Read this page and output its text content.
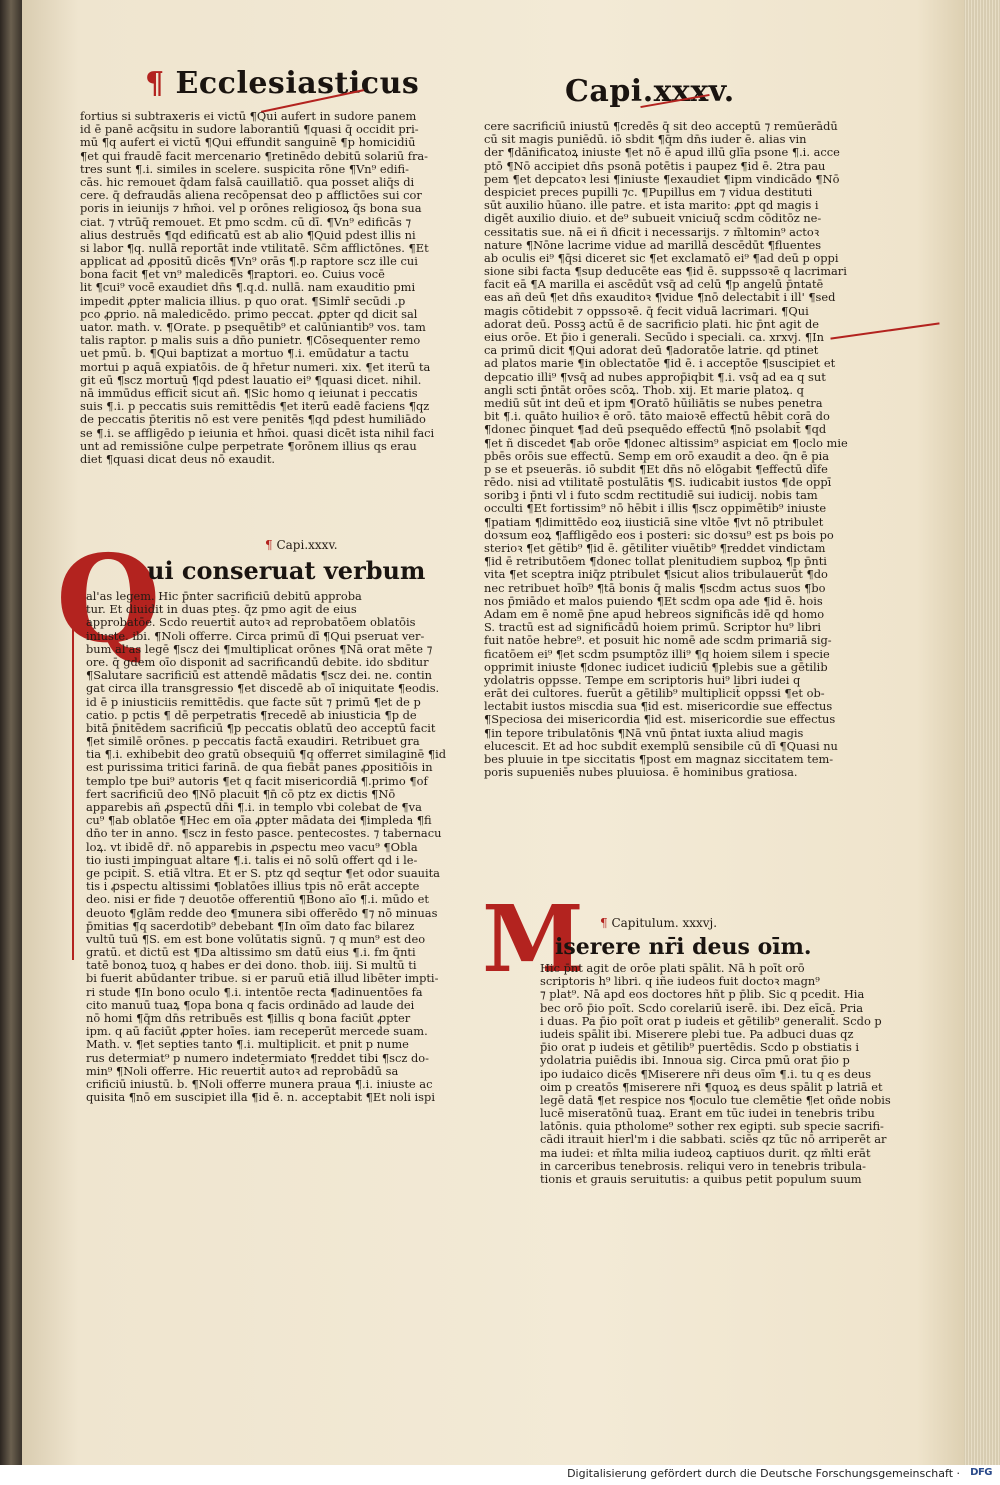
¶ Ecclesiasticus	Capi.xxxv.
fortius si subtraxeris ei victū ¶Qui aufert in sudore panem
id ē panē acq̄situ in sudore laborantiū ¶quasi q̄ occidit pri-
mū ¶q aufert ei victū ¶Qui effundit sanguinē ¶p homicidiū
¶et qui fraudē facit mercenario ¶retinēdo debitū solariū fra-
tres sunt ¶.i. similes in scelere. suspicita rōne ¶Vn⁹ edifi-
cās. hic remouet q̄dam falsā cauillatiō. qua posset aliq̄s di
cere. q̄ defraudās aliena recōpensat deo p afflictōes sui cor
poris in ieiunijs ⁊ hm̄oi. vel p orōnes religiosoꝝ q̄s bona sua
ciat. ⁊ vtrūq̄ remouet. Et pmo scdm. cū dī. ¶Vn⁹ edificās ⁊
alius destruēs ¶qd edificatū est ab alio ¶Quid pdest illis ni
si labor ¶q. nullā reportāt inde vtilitatē. Sc̄m afflictōnes. ¶Et
applicat ad ꝓpositū dicēs ¶Vn⁹ orās ¶.p raptore scz ille cui
bona facit ¶et vn⁹ maledicēs ¶raptori. eo. Cuius vocē
lit ¶cui⁹ vocē exaudiet dn̄s ¶.q.d. nullā. nam exauditio pmi
impedit ꝓpter malicia illius. p quo orat. ¶Simlr̄ secūdi .p
pco ꝓprio. nā maledicēdo. primo peccat. ꝓpter qd dicit sal
uator. math. v. ¶Orate. p psequētib⁹ et calūniantib⁹ vos. tam
talis raptor. p malis suis a dn̄o punietr. ¶Cōsequenter remo
uet pmū. b. ¶Qui baptizat a mortuo ¶.i. emūdatur a tactu
mortui p aquā expiatōis. de q̄ hr̄etur numeri. xix. ¶et iterū ta
git eū ¶scz mortuū ¶qd pdest lauatio ei⁹ ¶quasi dicet. nihil.
nā immūdus efficit̄ sicut añ. ¶Sic homo q ieiunat i peccatis
suis ¶.i. p peccatis suis remittēdis ¶et iterū eadē faciens ¶qz
de peccatis p̄teritis nō est vere penitēs ¶qd pdest humiliādo
se ¶.i. se affligēdo p ieiunia et hm̄oi. quasi dicēt ista nihil faci
unt ad remissiōne culpe perpetrate ¶orōnem illius qs erau
diet ¶quasi dicat deus nō exaudit.
¶ Capi.xxxv.
Q
ui conseruat verbum
al'as legem. Hic p̄nter sacrificiū debitū approba
tur. Et diuidit in duas ptes. q̄z pmo agit de eius
approbatōe. Scdo reuertit̄ autoꝛ ad reprobatōem oblatōis
iniuste. ibi. ¶Noli offerre. Circa primū dī ¶Qui pseruat ver-
bum al'as legē ¶scz dei ¶multiplicat orōnes ¶Nā orat mēte ⁊
ore. q̄ gdem oīo disponit ad sacrificandū debite. ido sbditur
¶Salutare sacrificiū est attendē mādatis ¶scz dei. ne. contin
gat circa illa transgressio ¶et discedē ab oī iniquitate ¶eodis.
id ē p iniusticiis remittēdis. que facte sūt ⁊ primū ¶et de p
catio. p pctis ¶ dē perpetratis ¶recedē ab iniusticia ¶p de
bitā p̄nitēdem sacrificiū ¶p peccatis oblatū deo acceptū facit
¶et similē orōnes. p peccatis factā exaudiri. Retribuet gra
tia ¶.i. exhibebit deo gratū obsequiū ¶q offerret similaginē ¶id
est purissima tritici farinā. de qua fiebāt panes ꝓpositiōis in
templo tpe bui⁹ autoris ¶et q facit misericordiā ¶.primo ¶of
fert sacrificiū deo ¶Nō placuit ¶n̄ cō ptz ex dictis ¶Nō
apparebis añ ꝓspectū dn̄i ¶.i. in templo vbi colebat de ¶va
cu⁹ ¶ab oblatōe ¶Hec em oīa ꝓpter mādata dei ¶impleda ¶fi
dn̄o ter in anno. ¶scz in festo pasce. pentecostes. ⁊ tabernacu
loꝝ. vt ibidē dr̄. nō apparebis in ꝓspectu meo vacu⁹ ¶Obla
tio iusti impinguat altare ¶.i. talis ei nō solū offert qd i le-
ge pcipit̄. S. etiā vltra. Et er S. ptz qd seqtur ¶et odor suauita
tis i ꝓspectu altissimi ¶oblatōes illius tpis nō erāt accepte
deo. nisi er fide ⁊ deuotōe offerentiū ¶Bono aīo ¶.i. mūdo et
deuoto ¶glām redde deo ¶munera sibi offerēdo ¶⁊ nō minuas
p̄mitias ¶q sacerdotib⁹ debebant ¶In oīm dato fac bilarez
vultū tuū ¶S. em est bone volūtatis signū. ⁊ q mun⁹ est deo
gratū. et dictū est ¶Da altissimo sm datū eius ¶.i. fm q̄nti
tatē bonoꝝ tuoꝝ q habes er dei dono. thob. iiij. Si multū ti
bi fuerit abūdanter tribue. si er paruū etiā illud libēter impti-
ri stude ¶In bono oculo ¶.i. intentōe recta ¶adinuentōes fa
cito manuū tuaꝝ ¶opa bona q facis ordinādo ad laude dei
nō homi ¶q̄m dn̄s retribuēs est ¶illis q bona faciūt ꝓpter
ipm. q aū faciūt ꝓpter hoīes. iam receperūt mercede suam.
Math. v. ¶et septies tanto ¶.i. multiplicit. et pnit p nume
rus determiat⁹ p numero indetermiato ¶reddet tibi ¶scz do-
min⁹ ¶Noli offerre. Hic reuertit̄ autoꝛ ad reprobādū sa
crificiū iniustū. b. ¶Noli offerre munera praua ¶.i. iniuste ac
quisita ¶nō em suscipiet illa ¶id ē. n. acceptabit ¶Et noli ispi
cere sacrificiū iniustū ¶credēs q̄ sit deo acceptū ⁊ remūerādū
cū sit magis puniēdū. iō sbdit ¶q̄m dn̄s iuder ē. alias vin
der ¶dānificatoꝝ iniuste ¶et nō ē apud illū glīa psone ¶.i. acce
ptō ¶Nō accipiet dn̄s psonā potētis i paupez ¶id ē. 2tra pau
pem ¶et depcatoꝛ lesi ¶iniuste ¶exaudiet ¶ipm vindicādo ¶Nō
despiciet preces pupilli ⁊c. ¶Pupillus em ⁊ vidua destituti
sūt auxilio hūano. ille patre. et ista marito: ꝓpt qd magis i
digēt auxilio diuio. et de⁹ subueit vniciuq̄ scdm cōditōz ne-
cessitatis sue. nā ei ñ dficit i necessarijs. ⁊ m̄ltomin⁹ actoꝛ
nature ¶Nōne lacrime vidue ad marillā descēdūt ¶fluentes
ab oculis ei⁹ ¶q̄si diceret sic ¶et exclamatō ei⁹ ¶ad deū p oppi
sione sibi facta ¶sup deducēte eas ¶id ē. suppssoꝛē q lacrimari
facit eā ¶A marilla ei ascēdūt vsq̄ ad celū ¶p angelū p̄ntatē
eas añ deū ¶et dn̄s exauditoꝛ ¶vidue ¶nō delectabit̄ i ill' ¶sed
magis cōtidebit ⁊ oppssoꝛē. q̄ fecit viduā lacrimari. ¶Qui
adorat deū. Possꝫ actū ē de sacrificio plati. hic p̄nt agit de
eius orōe. Et p̄io i generali. Secūdo i speciali. ca. xrxvj. ¶In
ca primū dicit ¶Qui adorat deū ¶adoratōe latrie. qd ptinet
ad platos marie ¶in oblectatōe ¶id ē. i acceptōe ¶suscipiet et
depcatio illi⁹ ¶vsq̄ ad nubes approp̄iqbit ¶.i. vsq̄ ad ea q sut
angli scti p̄ntāt orōes scōꝝ. Thob. xij. Et marie platoꝝ. q
mediū sūt int deū et ipm ¶Oratō hūiliātis se nubes penetra
bit ¶.i. quāto huilioꝛ ē orō. tāto maioꝛē effectū hēbit corā do
¶donec p̄inquet ¶ad deū psequēdo effectū ¶nō psolabit̄ ¶qd
¶et ñ discedet ¶ab orōe ¶donec altissim⁹ aspiciat em ¶oclo mie
pbēs orōis sue effectū. Semp em orō exaudit a deo. q̄n ē pia
p se et pseuerās. iō subdit ¶Et dn̄s nō elōgabit ¶effectū dīfe
rēdo. nisi ad vtilitatē postulātis ¶S. iudicabit iustos ¶de oppī
soribꝫ i p̄nti vl i futo scdm rectitudiē sui iudicij. nobis tam
occulti ¶Et fortissim⁹ nō hēbit i illis ¶scz oppimētib⁹ iniuste
¶patiam ¶dimittēdo eoꝝ iiusticiā sine vltōe ¶vt nō ptribulet
doꝛsum eoꝝ ¶affligēdo eos i posteri: sic doꝛsu⁹ est ps bois po
sterioꝛ ¶et gētib⁹ ¶id ē. gētiliter viuētib⁹ ¶reddet vindictam
¶id ē retributōem ¶donec tollat plenitudiem supboꝝ ¶p p̄nti
vita ¶et sceptra iniq̄z ptribulet ¶sicut alios tribulauerūt ¶do
nec retribuet hoīb⁹ ¶tā bonis q̄ malis ¶scdm actus suos ¶bo
nos p̄miādo et malos puiendo ¶Et scdm opa ade ¶id ē. hois
Adam em ē nomē p̄ne apud hebreos significās idē qd homo
S. tractū est ad significādū hoiem primū. Scriptor hu⁹ libri
fuit natōe hebre⁹. et posuit hic nomē ade scdm primariā sig-
ficatōem ei⁹ ¶et scdm psumptōz illi⁹ ¶q hoiem silem i specie
opprimit iniuste ¶donec iudicet iudiciū ¶plebis sue a gētilib
ydolatris oppsse. Tempe em scriptoris hui⁹ libri iudei q
erāt dei cultores. fuerūt a gētilib⁹ multiplicit̄ oppssi ¶et ob-
lectabit iustos miscdia sua ¶id est. misericordie sue effectus
¶Speciosa dei misericordia ¶id est. misericordie sue effectus
¶in tepore tribulatōnis ¶Nā vnū p̄ntat iuxta aliud magis
elucescit. Et ad hoc subdit̄ exemplū sensibile cū dī ¶Quasi nu
bes pluuie in tpe siccitatis ¶post em magnaz siccitatem tem-
poris supueniēs nubes pluuiosa. ē hominibus gratiosa.
¶ Capitulum. xxxvj.
M
iserere nr̄i deus oīm.
Hic p̄nt agit de orōe plati spālit. Nā h poīt orō
scriptoris h⁹ libri. q iñe iudeos fuit doctoꝛ magn⁹
⁊ plat⁹. Nā apd eos doctores hñt p p̄lib. Sic q pcedit. Hia
bec orō p̄io poīt. Scdo corelariū iserē. ibi. Dez eīcā. Pria
i duas. Pa p̄io poīt orat p iudeis et gētilib⁹ generalit̄. Scdo p
iudeis spālit ibi. Miserere plebi tue. Pa adbuci duas qz
p̄io orat p iudeis et gētilib⁹ puertēdis. Scdo p obstiatis i
ydolatria puiēdis ibi. Innoua sig. Circa pmū orat p̄io p
ipo iudaico dicēs ¶Miserere nr̄i deus oīm ¶.i. tu q es deus
oim p creatōs ¶miserere nr̄i ¶quoꝝ es deus spālit p latriā et
legē datā ¶et respice nos ¶oculo tue clemētie ¶et oñde nobis
lucē miseratōnū tuaꝝ. Erant em tūc iudei in tenebris tribu
latōnis. quia ptholome⁹ sother rex egipti. sub specie sacrifi-
cādi itrauit hierl'm i die sabbati. sciēs qz tūc nō arriperēt ar
ma iudei: et m̄lta milia iudeoꝝ captiuos durit. qz m̄lti erāt
in carceribus tenebrosis. reliqui vero in tenebris tribula-
tionis et grauis seruitutis: a quibus petit populum suum
Digitalisierung gefördert durch die Deutsche Forschungsgemeinschaft · DFG
